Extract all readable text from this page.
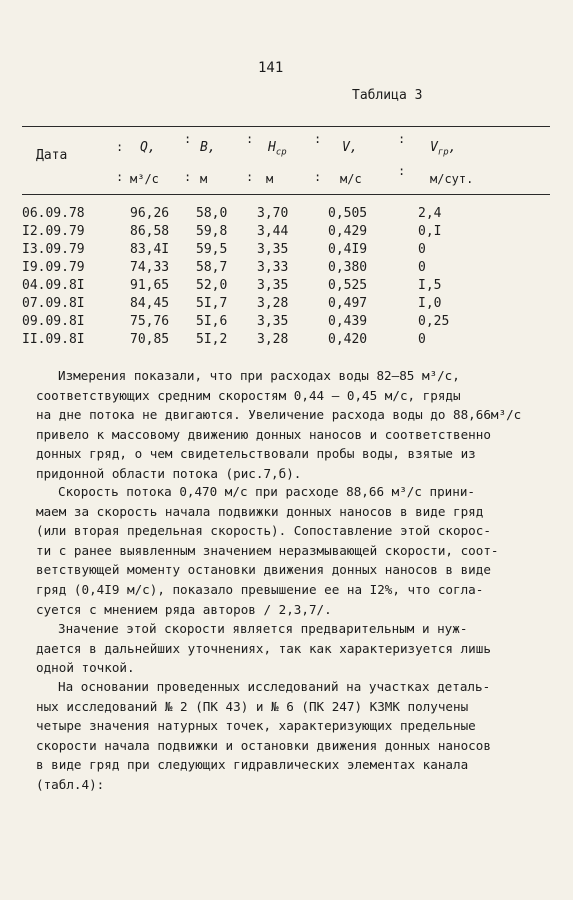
141
Таблица 3
Дата
Q,	B,	$H_{ср}$	V,	$V_{гр}$,
:
:	:	:	:
:	:	:	:	:
м³/с	м	м	м/с	м/сут.
06.09.78	96,26 58,0 3,70	0,505	2,4
I2.09.79	86,58 59,8 3,44	0,429	0,I
I3.09.79	83,4I 59,5 3,35	0,4I9	0
I9.09.79	74,33 58,7 3,33	0,380	0
04.09.8I	91,65 52,0 3,35	0,525	I,5
07.09.8I	84,45 5I,7 3,28	0,497	I,0
09.09.8I	75,76 5I,6 3,35	0,439	0,25
II.09.8I	70,85 5I,2 3,28	0,420	0
Измерения показали, что при расходах воды 82–85 м³/с,
соответствующих средним скоростям 0,44 – 0,45 м/с, гряды
на дне потока не двигаются. Увеличение расхода воды до 88,66м³/с
привело к массовому движению донных наносов и соответственно
донных гряд, о чем свидетельствовали пробы воды, взятые из
придонной области потока (рис.7,б).
Скорость потока 0,470 м/с при расходе 88,66 м³/с прини-
маем за скорость начала подвижки донных наносов в виде гряд
(или вторая предельная скорость). Сопоставление этой скорос-
ти с ранее выявленным значением неразмывающей скорости, соот-
ветствующей моменту остановки движения донных наносов в виде
гряд (0,4I9 м/с), показало превышение ее на I2%, что согла-
суется с мнением ряда авторов / 2,3,7/.
Значение этой скорости является предварительным и нуж-
дается в дальнейших уточнениях, так как характеризуется лишь
одной точкой.
На основании проведенных исследований на участках деталь-
ных исследований № 2 (ПК 43) и № 6 (ПК 247) КЗМК получены
четыре значения натурных точек, характеризующих предельные
скорости начала подвижки и остановки движения донных наносов
в виде гряд при следующих гидравлических элементах канала
(табл.4):
